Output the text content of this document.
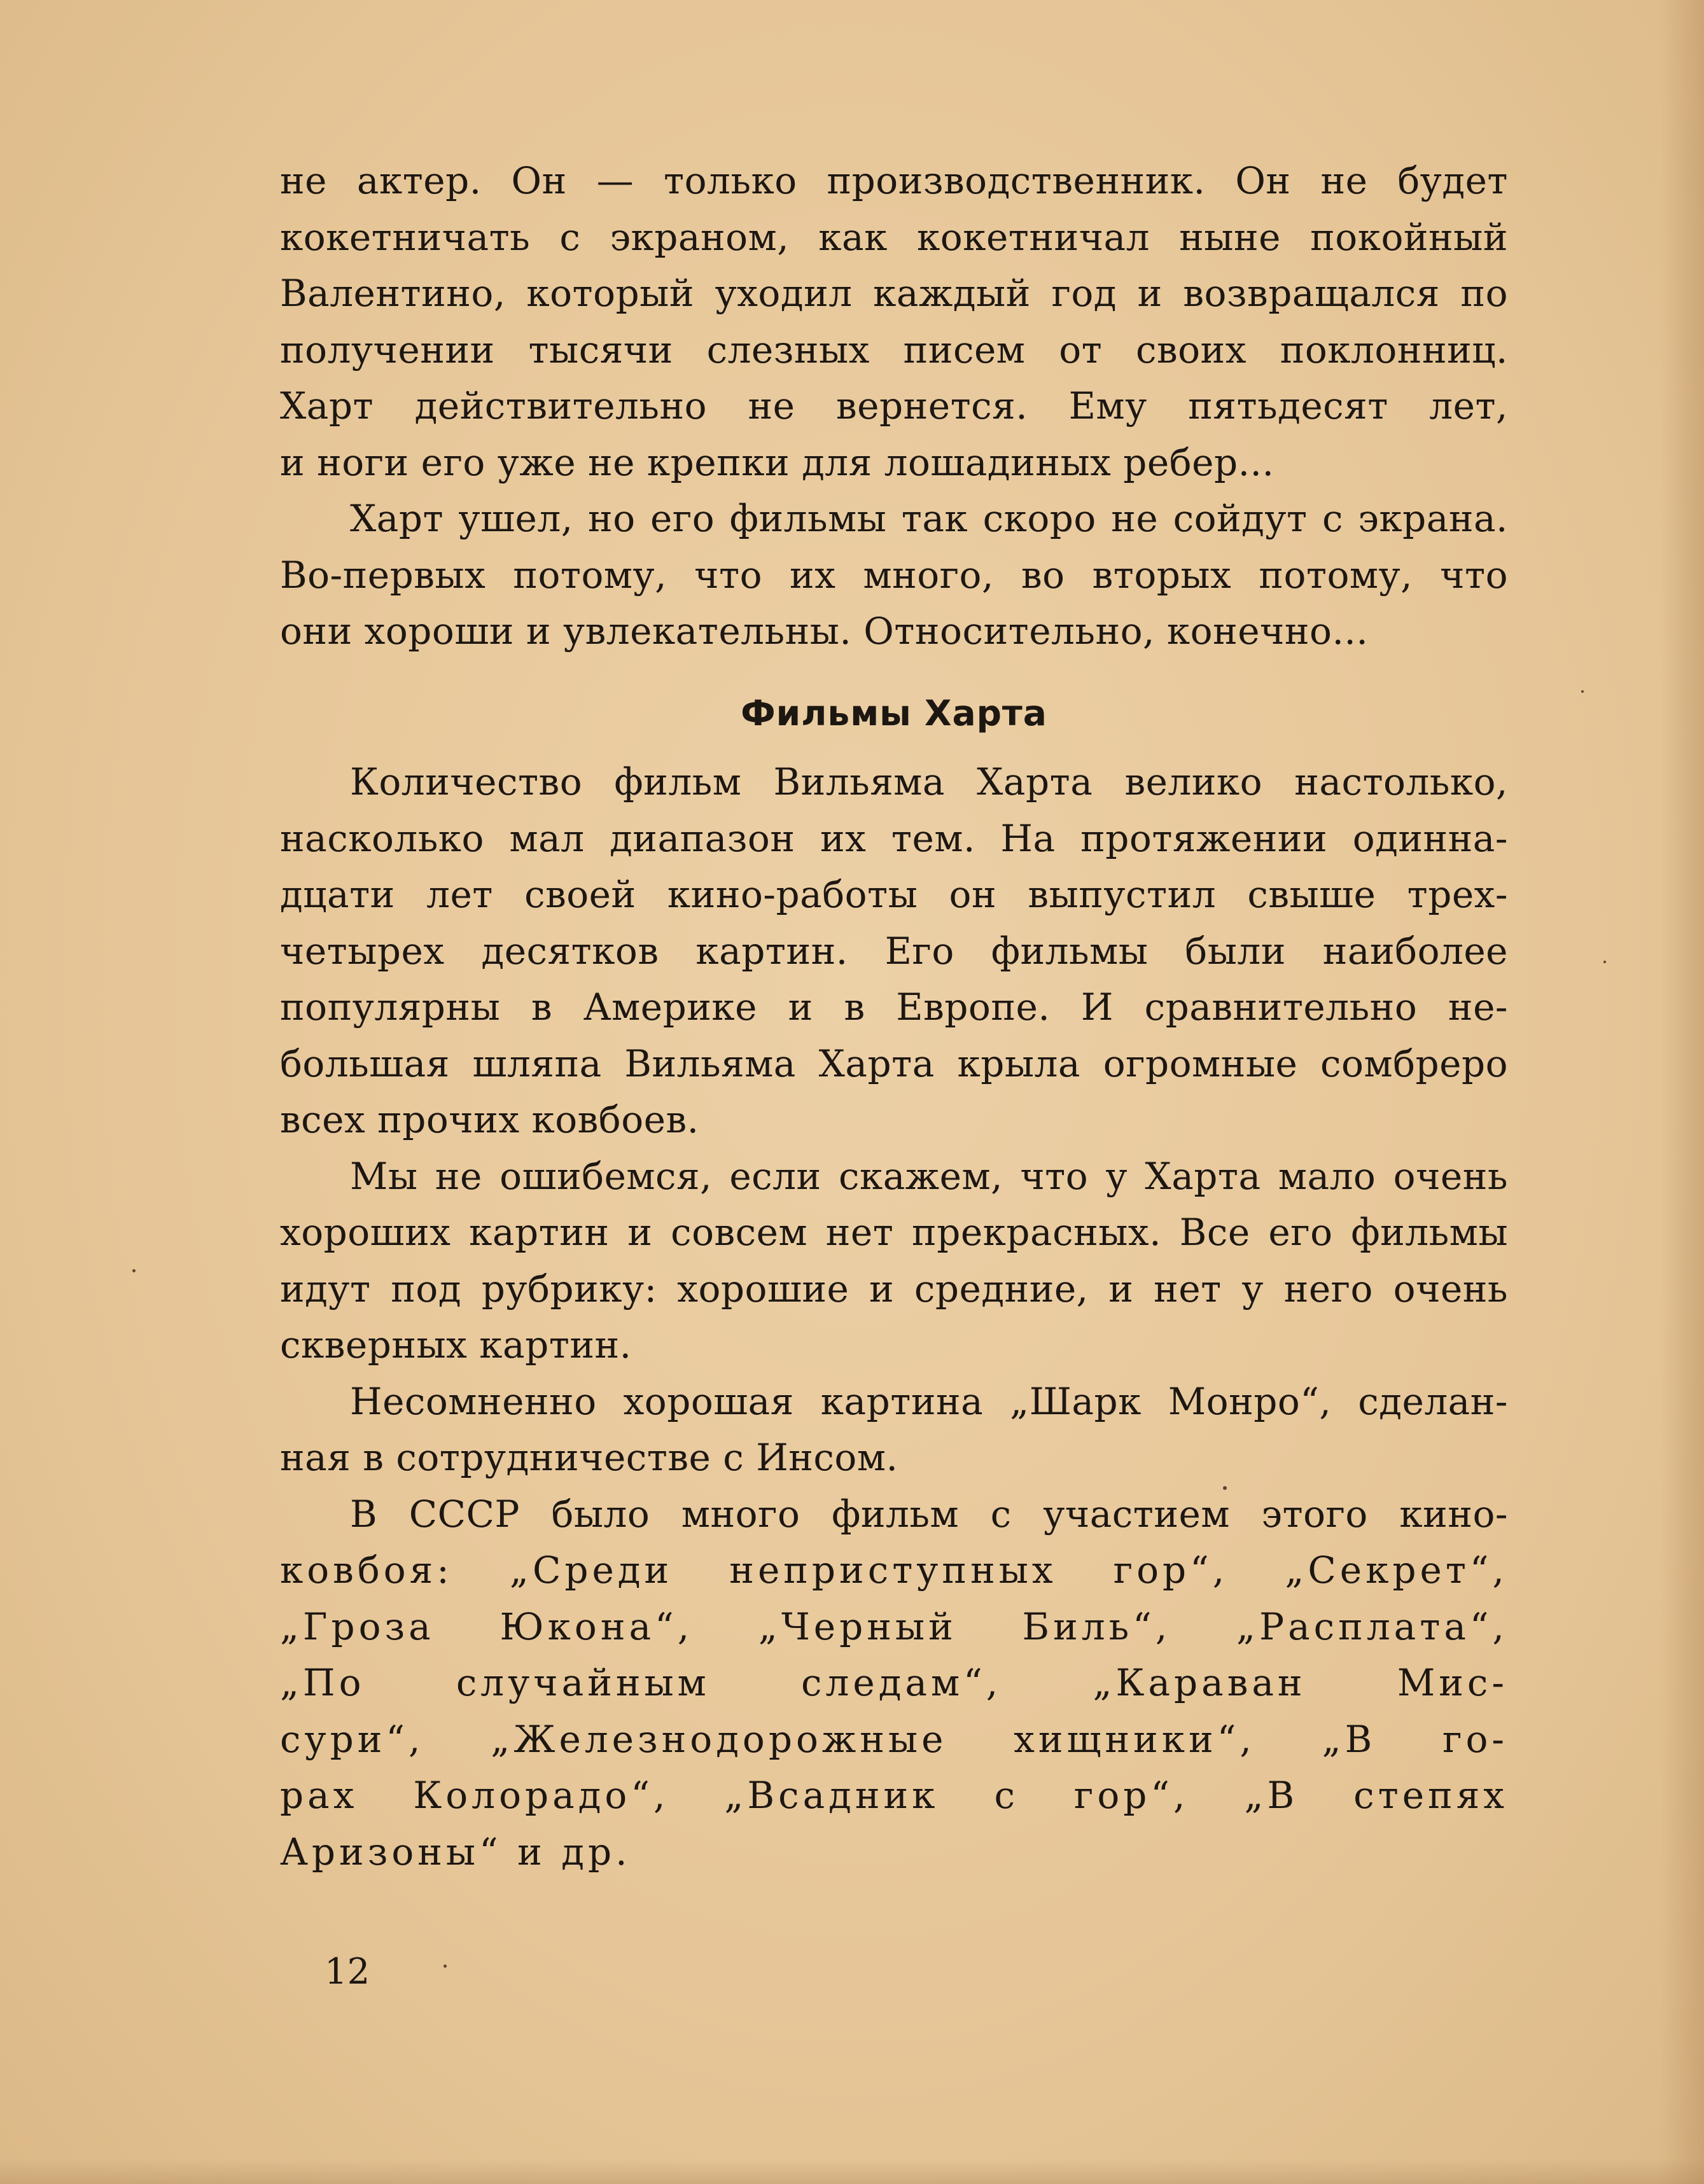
не актер. Он — только производственник. Он не будет
кокетничать с экраном, как кокетничал ныне покойный
Валентино, который уходил каждый год и возвращался по
получении тысячи слезных писем от своих поклонниц.
Харт действительно не вернется. Ему пятьдесят лет,
и ноги его уже не крепки для лошадиных ребер...
Харт ушел, но его фильмы так скоро не сойдут с экрана.
Во-первых потому, что их много, во вторых потому, что
они хороши и увлекательны. Относительно, конечно...
Фильмы Харта
Количество фильм Вильяма Харта велико настолько,
насколько мал диапазон их тем. На протяжении одинна-
дцати лет своей кино-работы он выпустил свыше трех-
четырех десятков картин. Его фильмы были наиболее
популярны в Америке и в Европе. И сравнительно не-
большая шляпа Вильяма Харта крыла огромные сомбреро
всех прочих ковбоев.
Мы не ошибемся, если скажем, что у Харта мало очень
хороших картин и совсем нет прекрасных. Все его фильмы
идут под рубрику: хорошие и средние, и нет у него очень
скверных картин.
Несомненно хорошая картина „Шарк Монро“, сделан-
ная в сотрудничестве с Инсом.
В СССР было много фильм с участием этого кино-
ковбоя: „Среди неприступных гор“, „Секрет“,
„Гроза Юкона“, „Черный Биль“, „Расплата“,
„По случайным следам“, „Караван Мис-
сури“, „Железнодорожные хищники“, „В го-
рах Колорадо“, „Всадник с гор“, „В степях
Аризоны“ и др.
12
